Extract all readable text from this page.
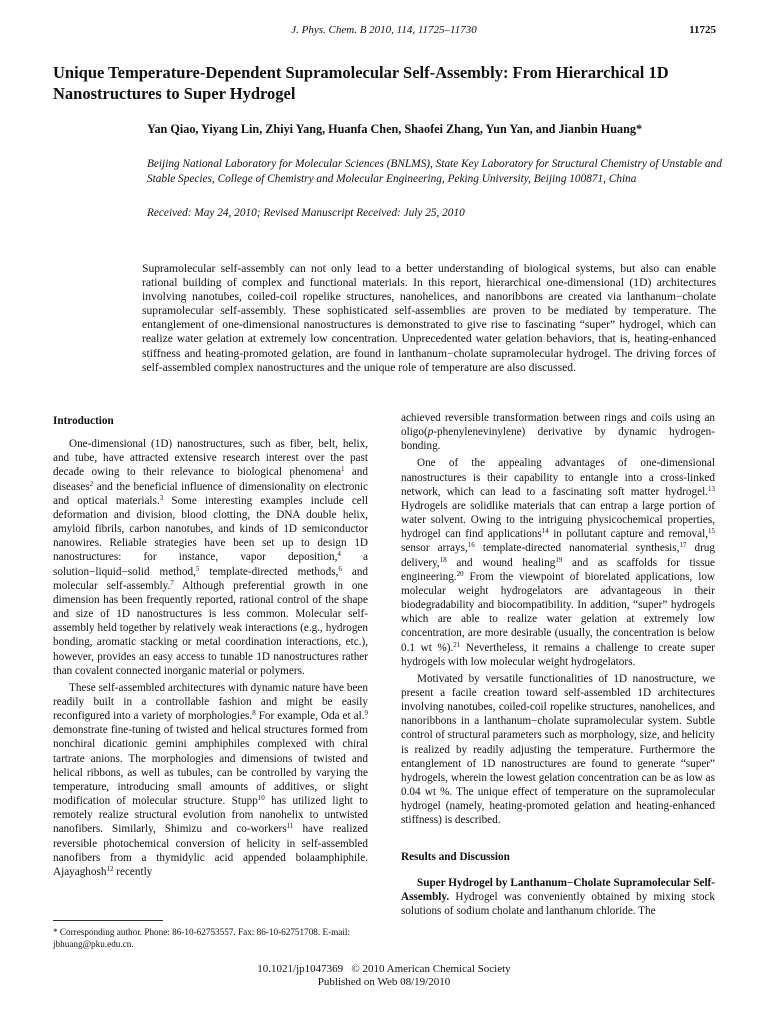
J. Phys. Chem. B 2010, 114, 11725–11730	11725
Unique Temperature-Dependent Supramolecular Self-Assembly: From Hierarchical 1D Nanostructures to Super Hydrogel
Yan Qiao, Yiyang Lin, Zhiyi Yang, Huanfa Chen, Shaofei Zhang, Yun Yan, and Jianbin Huang*
Beijing National Laboratory for Molecular Sciences (BNLMS), State Key Laboratory for Structural Chemistry of Unstable and Stable Species, College of Chemistry and Molecular Engineering, Peking University, Beijing 100871, China
Received: May 24, 2010; Revised Manuscript Received: July 25, 2010
Supramolecular self-assembly can not only lead to a better understanding of biological systems, but also can enable rational building of complex and functional materials. In this report, hierarchical one-dimensional (1D) architectures involving nanotubes, coiled-coil ropelike structures, nanohelices, and nanoribbons are created via lanthanum−cholate supramolecular self-assembly. These sophisticated self-assemblies are proven to be mediated by temperature. The entanglement of one-dimensional nanostructures is demonstrated to give rise to fascinating “super” hydrogel, which can realize water gelation at extremely low concentration. Unprecedented water gelation behaviors, that is, heating-enhanced stiffness and heating-promoted gelation, are found in lanthanum−cholate supramolecular hydrogel. The driving forces of self-assembled complex nanostructures and the unique role of temperature are also discussed.
Introduction

One-dimensional (1D) nanostructures, such as fiber, belt, helix, and tube, have attracted extensive research interest over the past decade owing to their relevance to biological phenomena$^1$ and diseases$^2$ and the beneficial influence of dimensionality on electronic and optical materials.$^3$ Some interesting examples include cell deformation and division, blood clotting, the DNA double helix, amyloid fibrils, carbon nanotubes, and kinds of 1D semiconductor nanowires. Reliable strategies have been set up to design 1D nanostructures: for instance, vapor deposition,$^4$ a solution−liquid−solid method,$^5$ template-directed methods,$^6$ and molecular self-assembly.$^7$ Although preferential growth in one dimension has been frequently reported, rational control of the shape and size of 1D nanostructures is less common. Molecular self-assembly held together by relatively weak interactions (e.g., hydrogen bonding, aromatic stacking or metal coordination interactions, etc.), however, provides an easy access to tunable 1D nanostructures rather than covalent connected inorganic material or polymers.

These self-assembled architectures with dynamic nature have been readily built in a controllable fashion and might be easily reconfigured into a variety of morphologies.$^8$ For example, Oda et al.$^9$ demonstrate fine-tuning of twisted and helical structures formed from nonchiral dicationic gemini amphiphiles complexed with chiral tartrate anions. The morphologies and dimensions of twisted and helical ribbons, as well as tubules, can be controlled by varying the temperature, introducing small amounts of additives, or slight modification of molecular structure. Stupp$^{10}$ has utilized light to remotely realize structural evolution from nanohelix to untwisted nanofibers. Similarly, Shimizu and co-workers$^{11}$ have realized reversible photochemical conversion of helicity in self-assembled nanofibers from a thymidylic acid appended bolaamphiphile. Ajayaghosh$^{12}$ recently

* Corresponding author. Phone: 86-10-62753557. Fax: 86-10-62751708. E-mail: jbhuang@pku.edu.cn.

achieved reversible transformation between rings and coils using an oligo(p-phenylenevinylene) derivative by dynamic hydrogen-bonding.

One of the appealing advantages of one-dimensional nanostructures is their capability to entangle into a cross-linked network, which can lead to a fascinating soft matter hydrogel.$^{13}$ Hydrogels are solidlike materials that can entrap a large portion of water solvent. Owing to the intriguing physicochemical properties, hydrogel can find applications$^{14}$ in pollutant capture and removal,$^{15}$ sensor arrays,$^{16}$ template-directed nanomaterial synthesis,$^{17}$ drug delivery,$^{18}$ and wound healing$^{19}$ and as scaffolds for tissue engineering.$^{20}$ From the viewpoint of biorelated applications, low molecular weight hydrogelators are advantageous in their biodegradability and biocompatibility. In addition, “super” hydrogels which are able to realize water gelation at extremely low concentration, are more desirable (usually, the concentration is below 0.1 wt %).$^{21}$ Nevertheless, it remains a challenge to create super hydrogels with low molecular weight hydrogelators.

Motivated by versatile functionalities of 1D nanostructure, we present a facile creation toward self-assembled 1D architectures involving nanotubes, coiled-coil ropelike structures, nanohelices, and nanoribbons in a lanthanum−cholate supramolecular system. Subtle control of structural parameters such as morphology, size, and helicity is realized by readily adjusting the temperature. Furthermore the entanglement of 1D nanostructures are found to generate “super” hydrogels, wherein the lowest gelation concentration can be as low as 0.04 wt %. The unique effect of temperature on the supramolecular hydrogel (namely, heating-promoted gelation and heating-enhanced stiffness) is described.

Results and Discussion

Super Hydrogel by Lanthanum−Cholate Supramolecular Self-Assembly. Hydrogel was conveniently obtained by mixing stock solutions of sodium cholate and lanthanum chloride. The

10.1021/jp1047369   © 2010 American Chemical Society
Published on Web 08/19/2010
